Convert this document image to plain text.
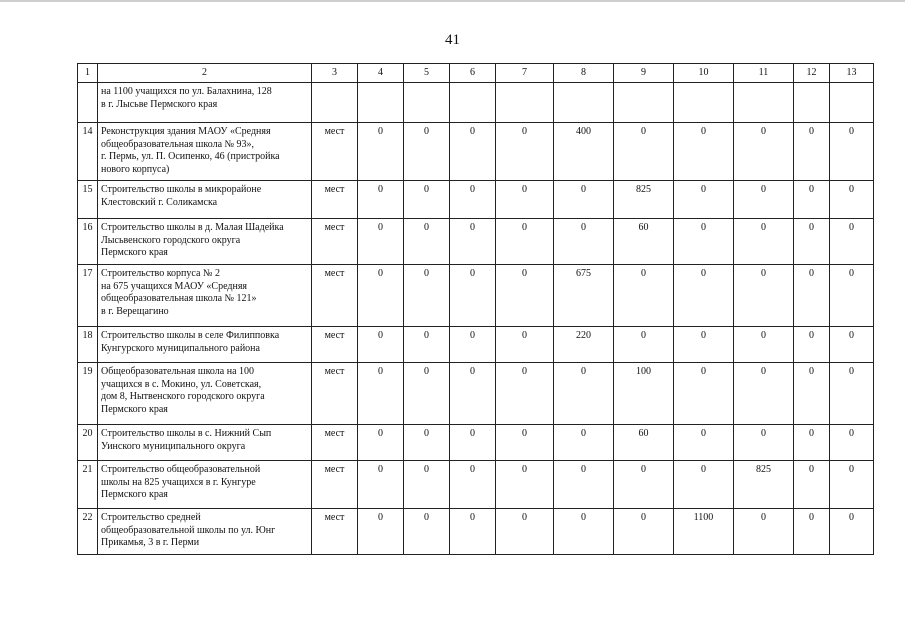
41
1	2	3	4	5	6	7	8	9	10	11	12	13
	на 1100 учащихся по ул. Балахнина, 128
в г. Лысьве Пермского края											
14	Реконструкция здания МАОУ «Средняя
общеобразовательная школа № 93»,
г. Пермь, ул. П. Осипенко, 46 (пристройка
нового корпуса)	мест	0	0	0	0	400	0	0	0	0	0
15	Строительство школы в микрорайоне
Клестовский г. Соликамска	мест	0	0	0	0	0	825	0	0	0	0
16	Строительство школы в д. Малая Шадейка
Лысьвенского городского округа
Пермского края	мест	0	0	0	0	0	60	0	0	0	0
17	Строительство корпуса № 2
на 675 учащихся МАОУ «Средняя
общеобразовательная школа № 121»
в г. Верещагино	мест	0	0	0	0	675	0	0	0	0	0
18	Строительство школы в селе Филипповка
Кунгурского муниципального района	мест	0	0	0	0	220	0	0	0	0	0
19	Общеобразовательная школа на 100
учащихся в с. Мокино, ул. Советская,
дом 8, Нытвенского городского округа
Пермского края	мест	0	0	0	0	0	100	0	0	0	0
20	Строительство школы в с. Нижний Сып
Уинского муниципального округа	мест	0	0	0	0	0	60	0	0	0	0
21	Строительство общеобразовательной
школы на 825 учащихся в г. Кунгуре
Пермского края	мест	0	0	0	0	0	0	0	825	0	0
22	Строительство средней
общеобразовательной школы по ул. Юнг
Прикамья, 3 в г. Перми	мест	0	0	0	0	0	0	1100	0	0	0
